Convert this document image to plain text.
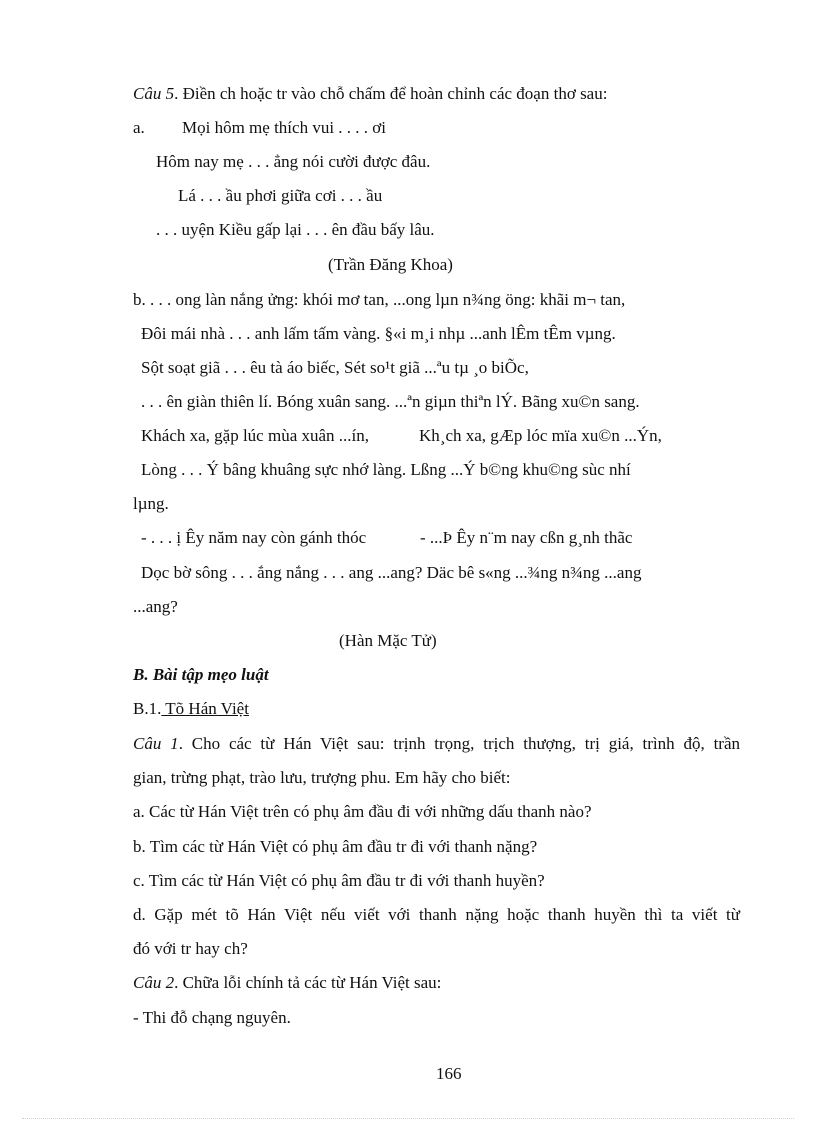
Câu 5. Điền ch hoặc tr vào chỗ chấm để hoàn chỉnh các đoạn thơ sau:
a. Mọi hôm mẹ thích vui . . . . ơi
Hôm nay mẹ . . . ẳng nói cười được đâu.
Lá . . . ầu phơi giữa cơi . . . ầu
. . . uyện Kiều gấp lại . . . ên đầu bấy lâu.
(Trần Đăng Khoa)
b. . . . ong làn nắng ửng: khói mơ tan, ...ong lµn n¾ng öng: khãi m¬ tan,
Đôi mái nhà . . . anh lấm tấm vàng. §«i m¸i nhµ ...anh lÊm tÊm vµng.
Sột soạt giã . . . êu tà áo biếc, Sét so¹t giã ...ªu tµ ¸o biÕc,
. . . ên giàn thiên lí. Bóng xuân sang. ...ªn giµn thiªn lÝ. Bãng xu©n sang.
Khách xa, gặp lúc mùa xuân ...ín,	Kh¸ch xa, gÆp lóc mïa xu©n ...Ýn,
Lòng . . . Ý bâng khuâng sực nhớ làng. Lßng ...Ý b©ng khu©ng sùc nhí
lµng.
- . . . ị Êy năm nay còn gánh thóc	- ...Þ Êy n¨m nay cßn g¸nh thãc
Dọc bờ sông . . . ắng nắng . . . ang ...ang? Däc bê s«ng ...¾ng n¾ng ...ang
...ang?
(Hàn Mặc Tử)
B. Bài tập mẹo luật
B.1. Tõ Hán Việt
Câu 1. Cho các từ Hán Việt sau: trịnh trọng, trịch thượng, trị giá, trình độ, trần
gian, trừng phạt, trào lưu, trượng phu. Em hãy cho biết:
a. Các từ Hán Việt trên có phụ âm đầu đi với những dấu thanh nào?
b. Tìm các từ Hán Việt có phụ âm đầu tr đi với thanh nặng?
c. Tìm các từ Hán Việt có phụ âm đầu tr đi với thanh huyền?
d. Gặp mét tõ Hán Việt nếu viết với thanh nặng hoặc thanh huyền thì ta viết từ
đó với tr hay ch?
Câu 2. Chữa lỗi chính tả các từ Hán Việt sau:
- Thi đỗ chạng nguyên.
166
